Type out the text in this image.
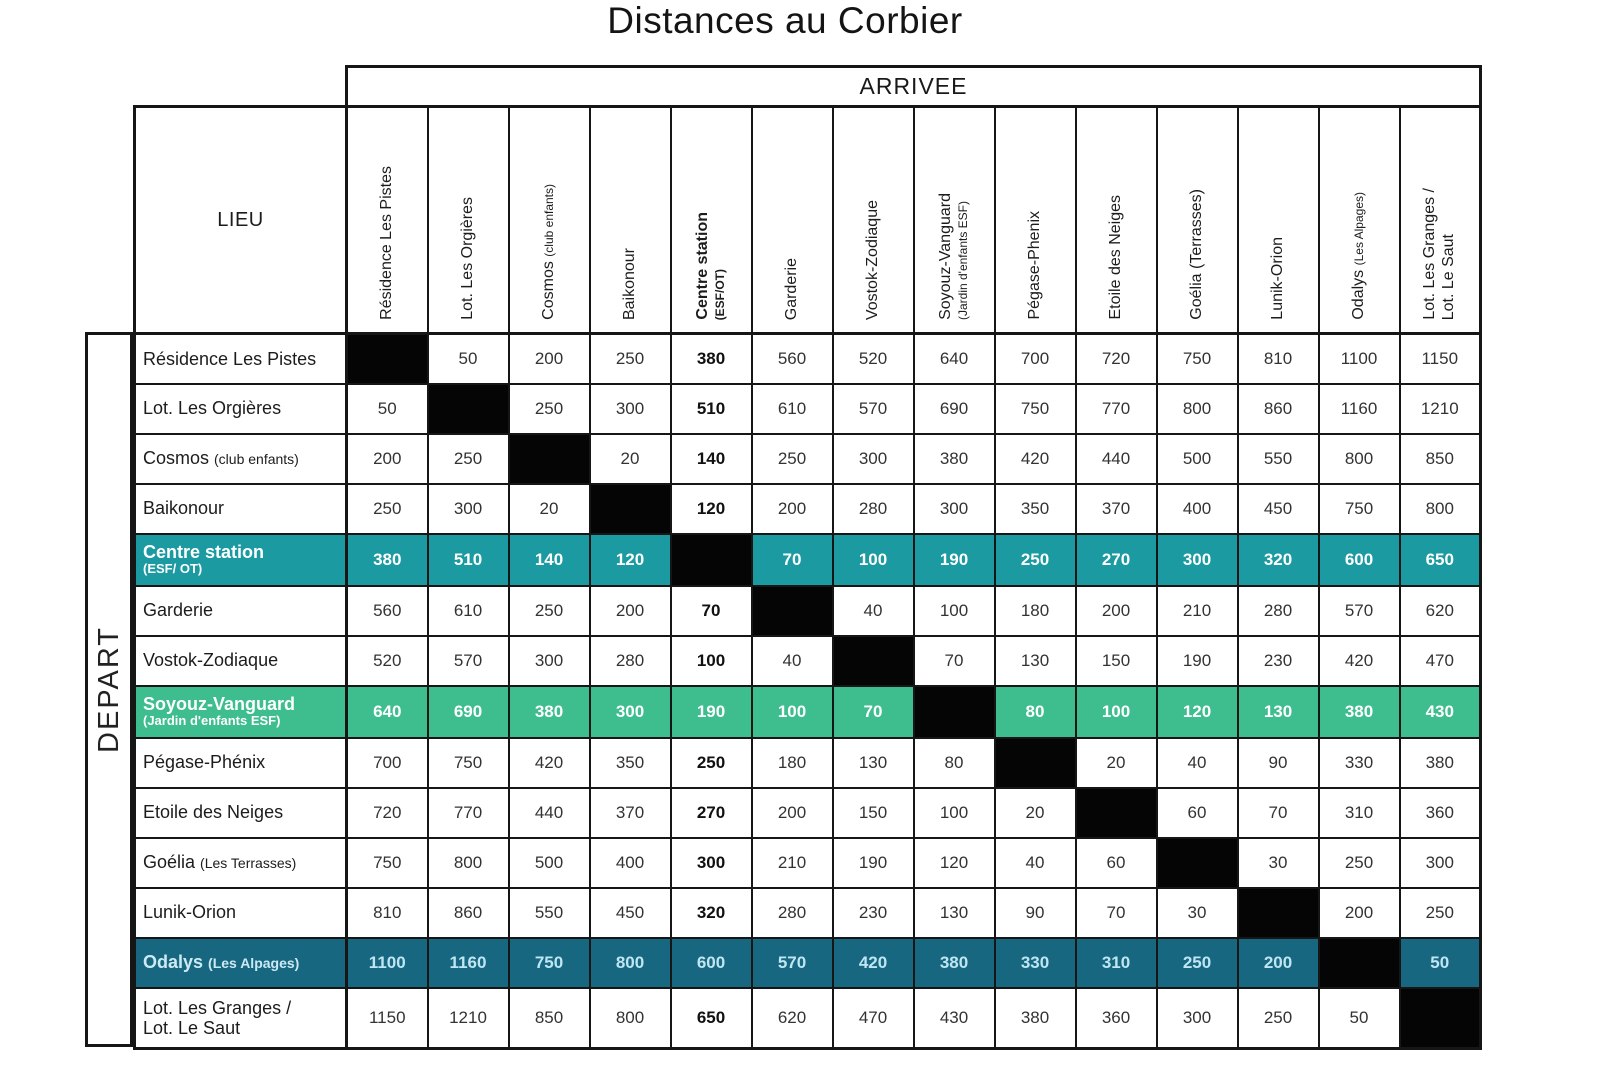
Distances au Corbier
DEPART
	ARRIVEE													
LIEU	Résidence Les Pistes	Lot. Les Orgières	Cosmos (club enfants)	Baikonour	Centre station (ESF/OT)	Garderie	Vostok-Zodiaque	Soyouz-Vanguard (Jardin d'enfants ESF)	Pégase-Phenix	Etoile des Neiges	Goélia (Terrasses)	Lunik-Orion	Odalys (Les Alpages)	Lot. Les Granges / Lot. Le Saut

Résidence Les Pistes		50	200	250	380	560	520	640	700	720	750	810	1100	1150

Lot. Les Orgières	50		250	300	510	610	570	690	750	770	800	860	1160	1210

Cosmos (club enfants)	200	250		20	140	250	300	380	420	440	500	550	800	850

Baikonour	250	300	20		120	200	280	300	350	370	400	450	750	800

Centre station
(ESF/ OT)	380	510	140	120		70	100	190	250	270	300	320	600	650

Garderie	560	610	250	200	70		40	100	180	200	210	280	570	620

Vostok-Zodiaque	520	570	300	280	100	40		70	130	150	190	230	420	470

Soyouz-Vanguard
(Jardin d'enfants ESF)	640	690	380	300	190	100	70		80	100	120	130	380	430

Pégase-Phénix	700	750	420	350	250	180	130	80		20	40	90	330	380

Etoile des Neiges	720	770	440	370	270	200	150	100	20		60	70	310	360

Goélia (Les Terrasses)	750	800	500	400	300	210	190	120	40	60		30	250	300

Lunik-Orion	810	860	550	450	320	280	230	130	90	70	30		200	250

Odalys (Les Alpages)	1100	1160	750	800	600	570	420	380	330	310	250	200		50

Lot. Les Granges /
Lot. Le Saut	1150	1210	850	800	650	620	470	430	380	360	300	250	50	
